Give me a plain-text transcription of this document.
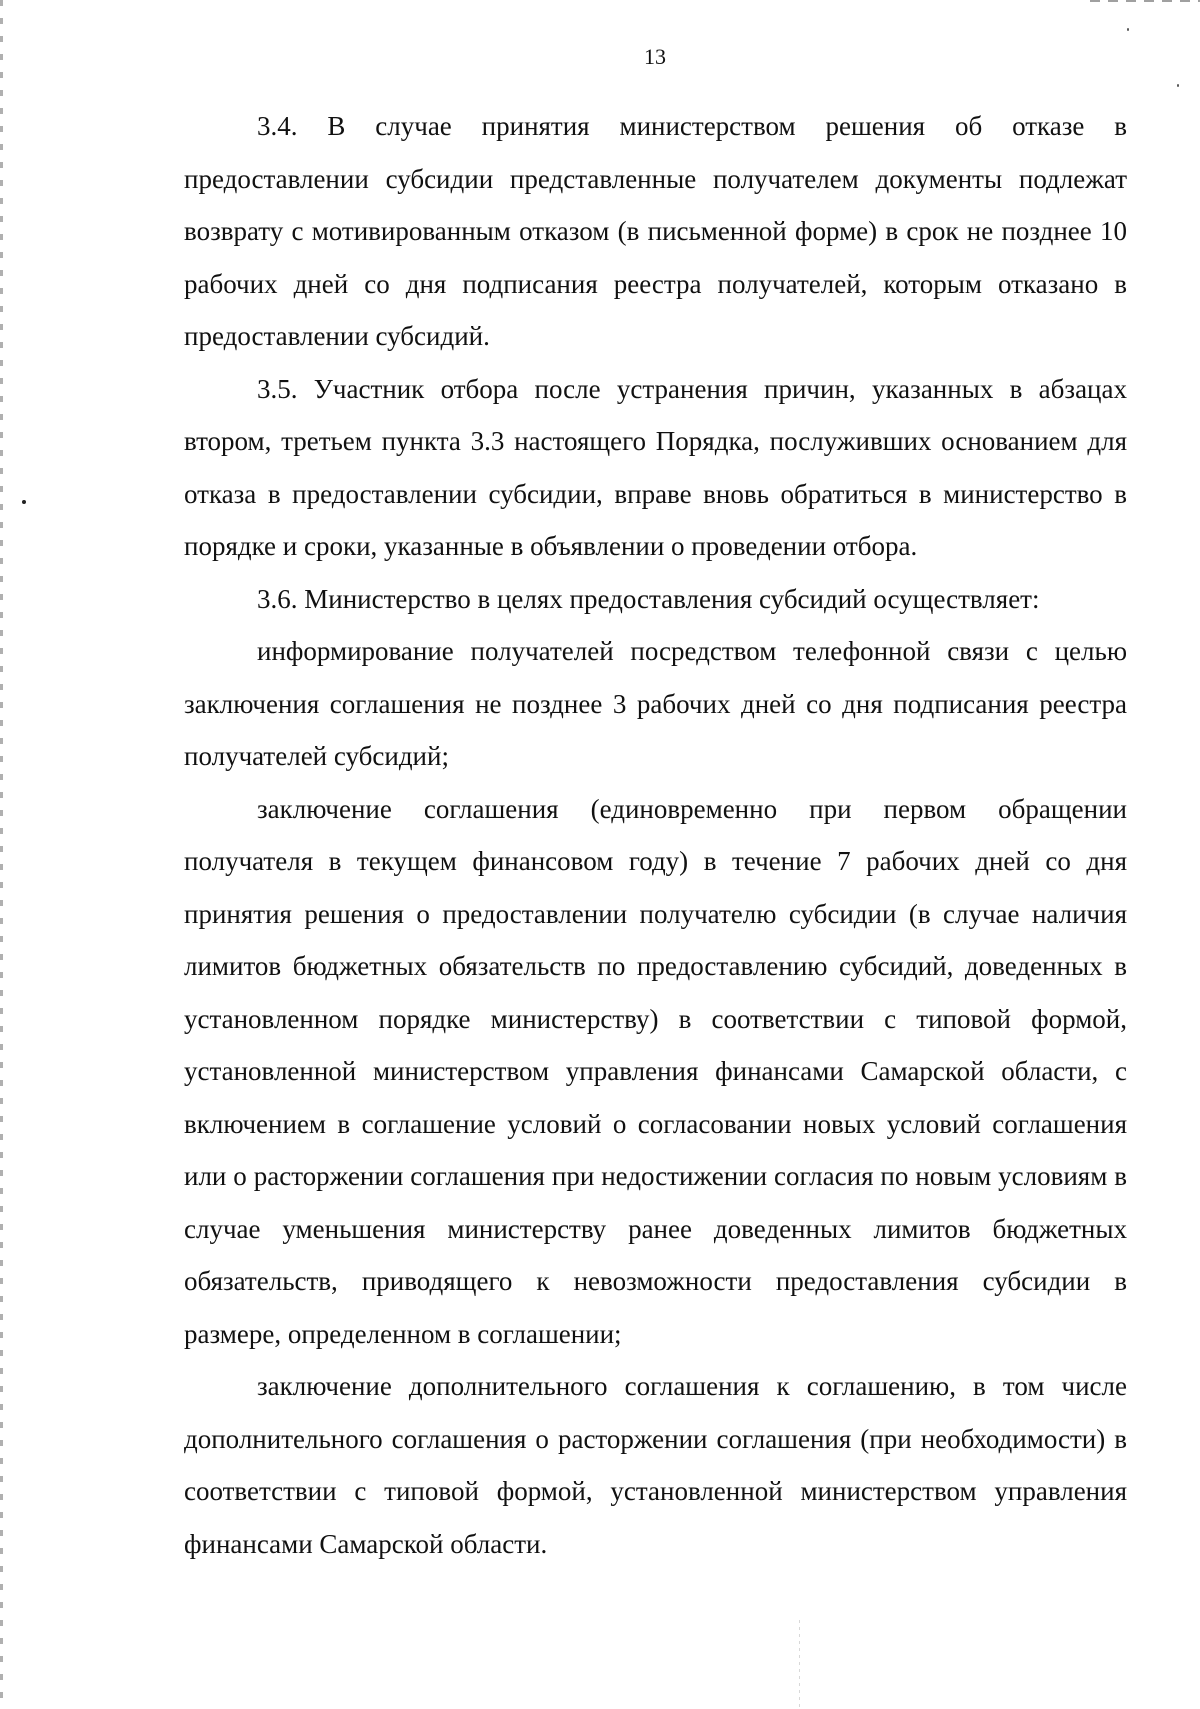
13

3.4. В случае принятия министерством решения об отказе в предоставлении субсидии представленные получателем документы подлежат возврату с мотивированным отказом (в письменной форме) в срок не позднее 10 рабочих дней со дня подписания реестра получателей, которым отказано в предоставлении субсидий.

3.5. Участник отбора после устранения причин, указанных в абзацах втором, третьем пункта 3.3 настоящего Порядка, послуживших основанием для отказа в предоставлении субсидии, вправе вновь обратиться в министерство в порядке и сроки, указанные в объявлении о проведении отбора.

3.6. Министерство в целях предоставления субсидий осуществляет:

информирование получателей посредством телефонной связи с целью заключения соглашения не позднее 3 рабочих дней со дня подписания реестра получателей субсидий;

заключение соглашения (единовременно при первом обращении получателя в текущем финансовом году) в течение 7 рабочих дней со дня принятия решения о предоставлении получателю субсидии (в случае наличия лимитов бюджетных обязательств по предоставлению субсидий, доведенных в установленном порядке министерству) в соответствии с типовой формой, установленной министерством управления финансами Самарской области, с включением в соглашение условий о согласовании новых условий соглашения или о расторжении соглашения при недостижении согласия по новым условиям в случае уменьшения министерству ранее доведенных лимитов бюджетных обязательств, приводящего к невозможности предоставления субсидии в размере, определенном в соглашении;

заключение дополнительного соглашения к соглашению, в том числе дополнительного соглашения о расторжении соглашения (при необходимости) в соответствии с типовой формой, установленной министерством управления финансами Самарской области.
